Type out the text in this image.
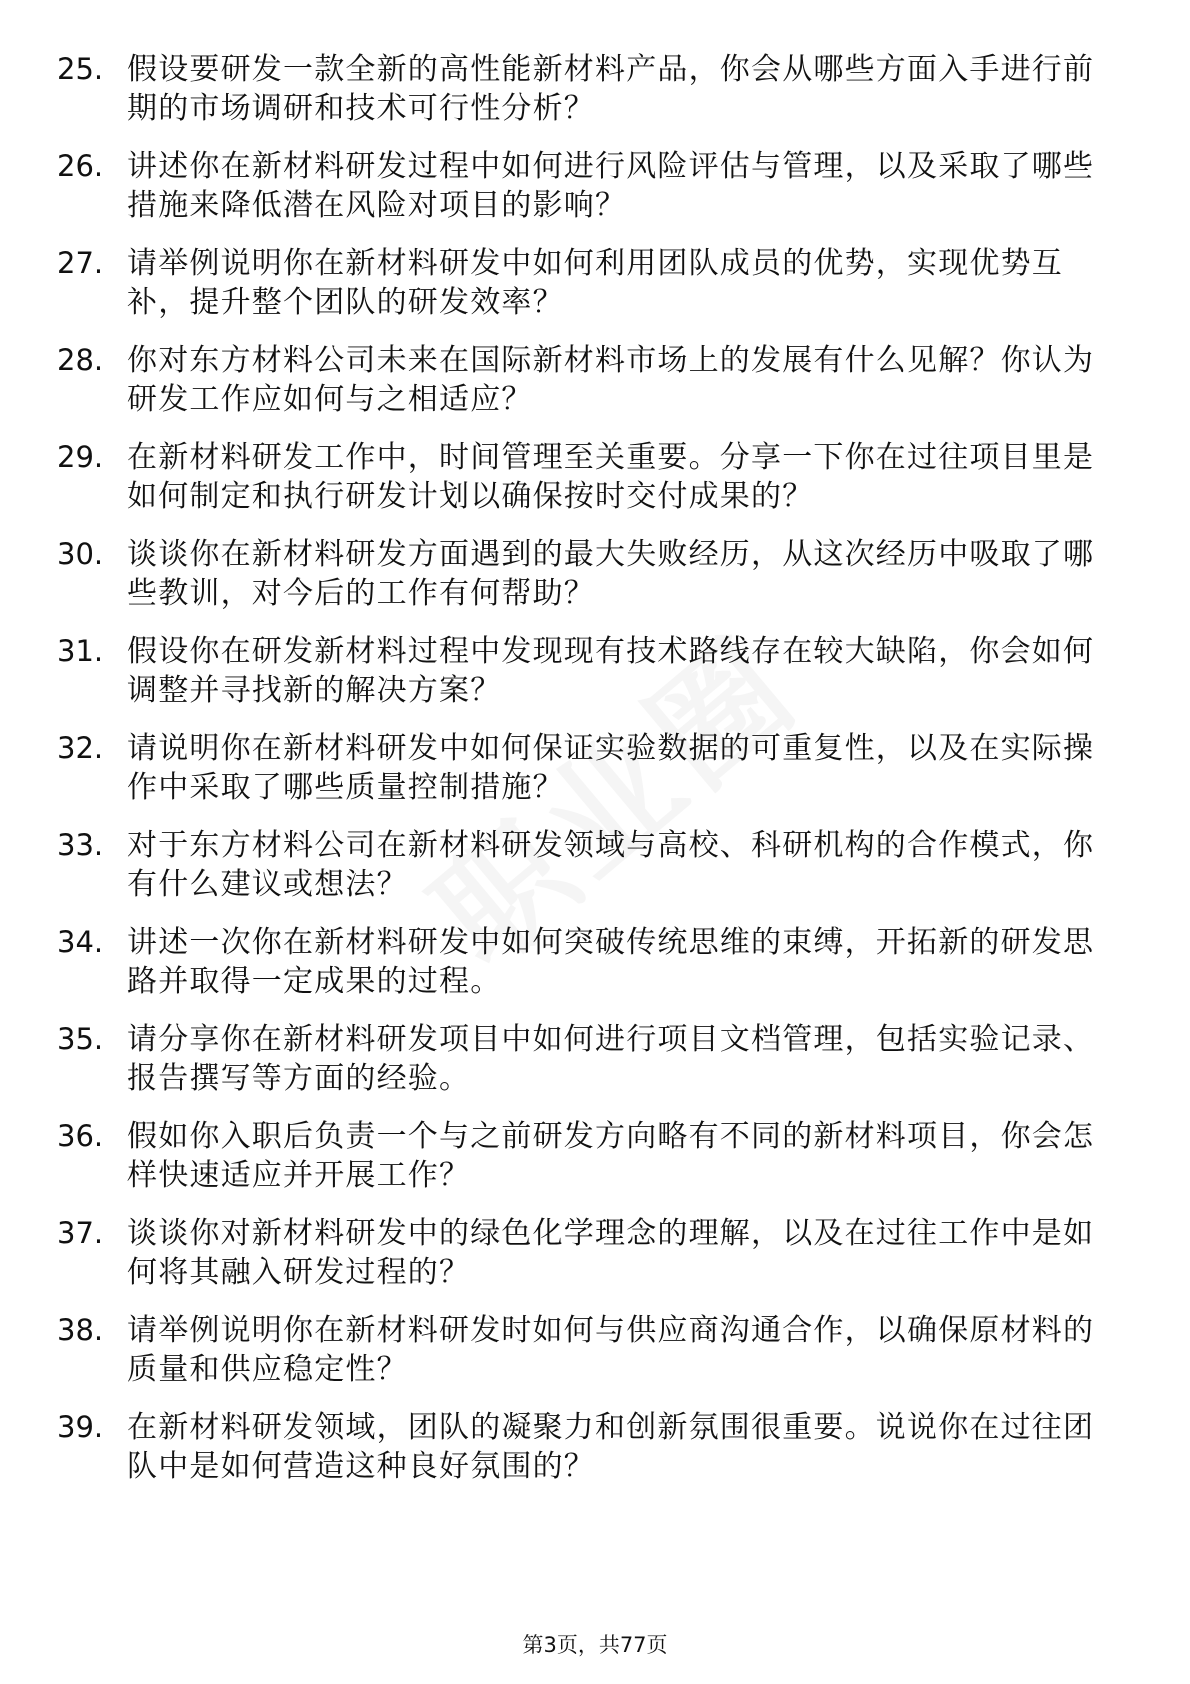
25. 假设要研发一款全新的高性能新材料产品，你会从哪些方面入手进行前期的市场调研和技术可行性分析？
26. 讲述你在新材料研发过程中如何进行风险评估与管理，以及采取了哪些措施来降低潜在风险对项目的影响？
27. 请举例说明你在新材料研发中如何利用团队成员的优势，实现优势互补，提升整个团队的研发效率？
28. 你对东方材料公司未来在国际新材料市场上的发展有什么见解？你认为研发工作应如何与之相适应？
29. 在新材料研发工作中，时间管理至关重要。分享一下你在过往项目里是如何制定和执行研发计划以确保按时交付成果的？
30. 谈谈你在新材料研发方面遇到的最大失败经历，从这次经历中吸取了哪些教训，对今后的工作有何帮助？
31. 假设你在研发新材料过程中发现现有技术路线存在较大缺陷，你会如何调整并寻找新的解决方案？
32. 请说明你在新材料研发中如何保证实验数据的可重复性，以及在实际操作中采取了哪些质量控制措施？
33. 对于东方材料公司在新材料研发领域与高校、科研机构的合作模式，你有什么建议或想法？
34. 讲述一次你在新材料研发中如何突破传统思维的束缚，开拓新的研发思路并取得一定成果的过程。
35. 请分享你在新材料研发项目中如何进行项目文档管理，包括实验记录、报告撰写等方面的经验。
36. 假如你入职后负责一个与之前研发方向略有不同的新材料项目，你会怎样快速适应并开展工作？
37. 谈谈你对新材料研发中的绿色化学理念的理解，以及在过往工作中是如何将其融入研发过程的？
38. 请举例说明你在新材料研发时如何与供应商沟通合作，以确保原材料的质量和供应稳定性？
39. 在新材料研发领域，团队的凝聚力和创新氛围很重要。说说你在过往团队中是如何营造这种良好氛围的？
第3页，共77页
